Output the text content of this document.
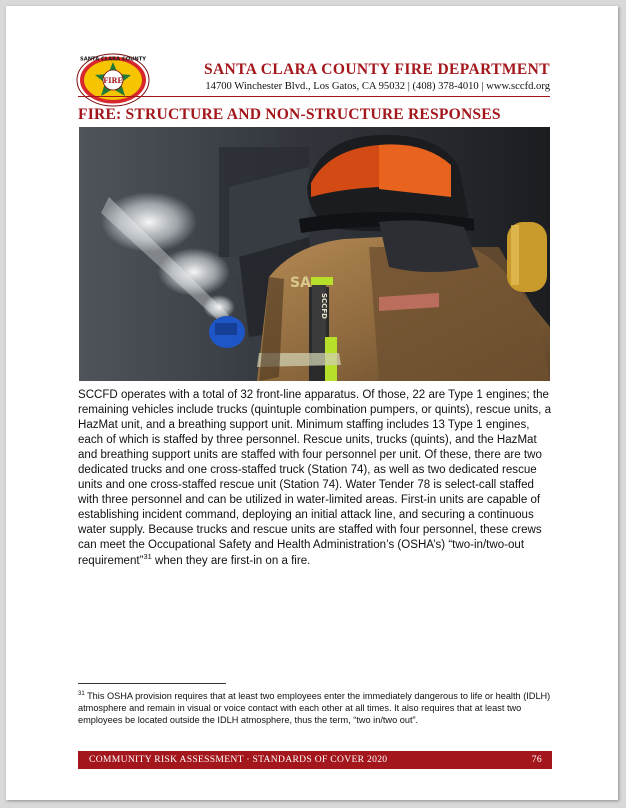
SANTA CLARA COUNTY
FIRE
SANTA CLARA COUNTY FIRE DEPARTMENT
14700 Winchester Blvd., Los Gatos, CA 95032 | (408) 378-4010 | www.sccfd.org
FIRE: STRUCTURE AND NON-STRUCTURE RESPONSES
SCCFD
SA

SCCFD operates with a total of 32 front-line apparatus. Of those, 22 are Type 1 engines; the remaining vehicles include trucks (quintuple combination pumpers, or quints), rescue units, a HazMat unit, and a breathing support unit. Minimum staffing includes 13 Type 1 engines, each of which is staffed by three personnel. Rescue units, trucks (quints), and the HazMat and breathing support units are staffed with four personnel per unit. Of these, there are two dedicated trucks and one cross-staffed truck (Station 74), as well as two dedicated rescue units and one cross-staffed rescue unit (Station 74). Water Tender 78 is select-call staffed with three personnel and can be utilized in water-limited areas. First-in units are capable of establishing incident command, deploying an initial attack line, and securing a continuous water supply. Because trucks and rescue units are staffed with four personnel, these crews can meet the Occupational Safety and Health Administration’s (OSHA’s) “two-in/two-out requirement”$^{31}$ when they are first-in on a fire.

$^{31}$ This OSHA provision requires that at least two employees enter the immediately dangerous to life or health (IDLH) atmosphere and remain in visual or voice contact with each other at all times. It also requires that at least two employees be located outside the IDLH atmosphere, thus the term, “two in/two out”.

COMMUNITY RISK ASSESSMENT · STANDARDS OF COVER 2020	76
